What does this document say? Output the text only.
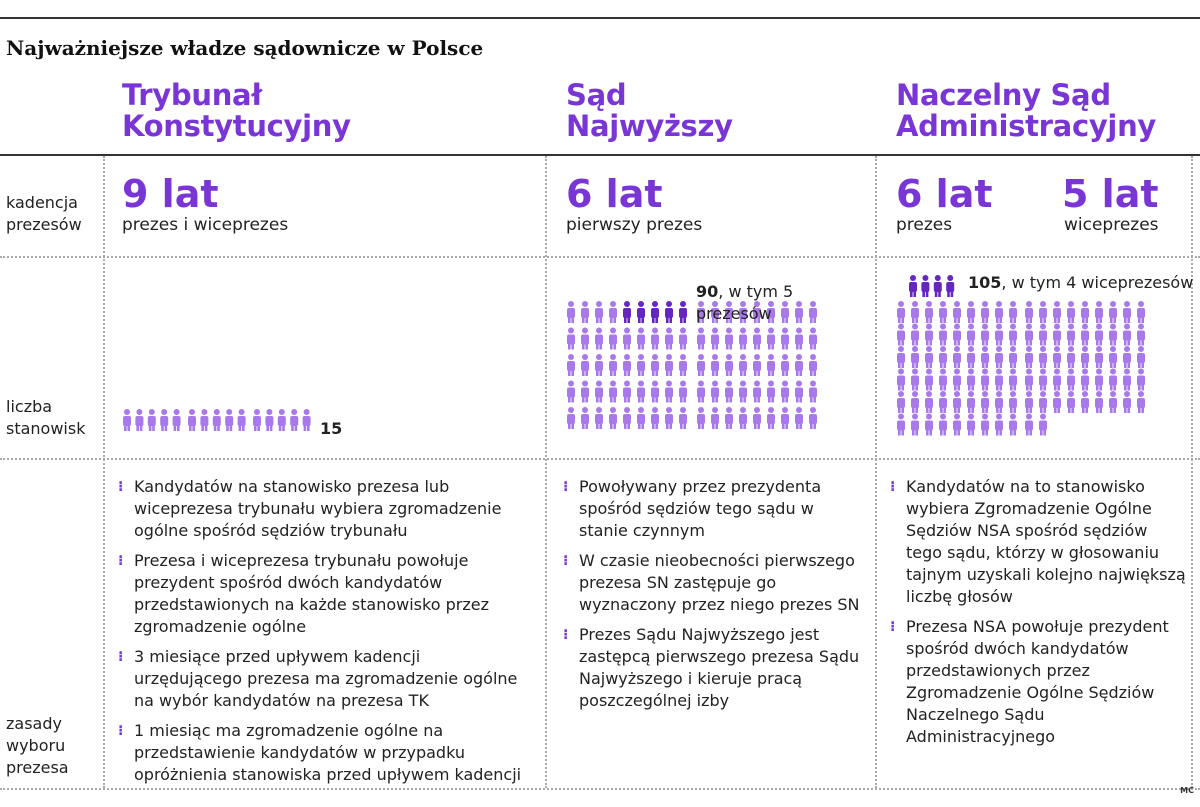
Najważniejsze władze sądownicze w Polsce
Trybunał Konstytucyjny
Sąd Najwyższy
Naczelny Sąd Administracyjny
kadencja prezesów
liczba stanowisk
zasady wyboru prezesa
9 lat
prezes i wiceprezes
6 lat
pierwszy prezes
6 lat
prezes
5 lat
wiceprezes
15
90, w tym 5 prezesów
105, w tym 4 wiceprezesów
⁝ Kandydatów na stanowisko prezesa lub wiceprezesa trybunału wybiera zgromadzenie ogólne spośród sędziów trybunału
⁝ Prezesa i wiceprezesa trybunału powołuje prezydent spośród dwóch kandydatów przedstawionych na każde stanowisko przez zgromadzenie ogólne
⁝ 3 miesiące przed upływem kadencji urzędującego prezesa ma zgromadzenie ogólne na wybór kandydatów na prezesa TK
⁝ 1 miesiąc ma zgromadzenie ogólne na przedstawienie kandydatów w przypadku opróżnienia stanowiska przed upływem kadencji
⁝ Powoływany przez prezydenta spośród sędziów tego sądu w stanie czynnym
⁝ W czasie nieobecności pierwszego prezesa SN zastępuje go wyznaczony przez niego prezes SN
⁝ Prezes Sądu Najwyższego jest zastępcą pierwszego prezesa Sądu Najwyższego i kieruje pracą poszczególnej izby
⁝ Kandydatów na to stanowisko wybiera Zgromadzenie Ogólne Sędziów NSA spośród sędziów tego sądu, którzy w głosowaniu tajnym uzyskali kolejno największą liczbę głosów
⁝ Prezesa NSA powołuje prezydent spośród dwóch kandydatów przedstawionych przez Zgromadzenie Ogólne Sędziów Naczelnego Sądu Administracyjnego
MC
